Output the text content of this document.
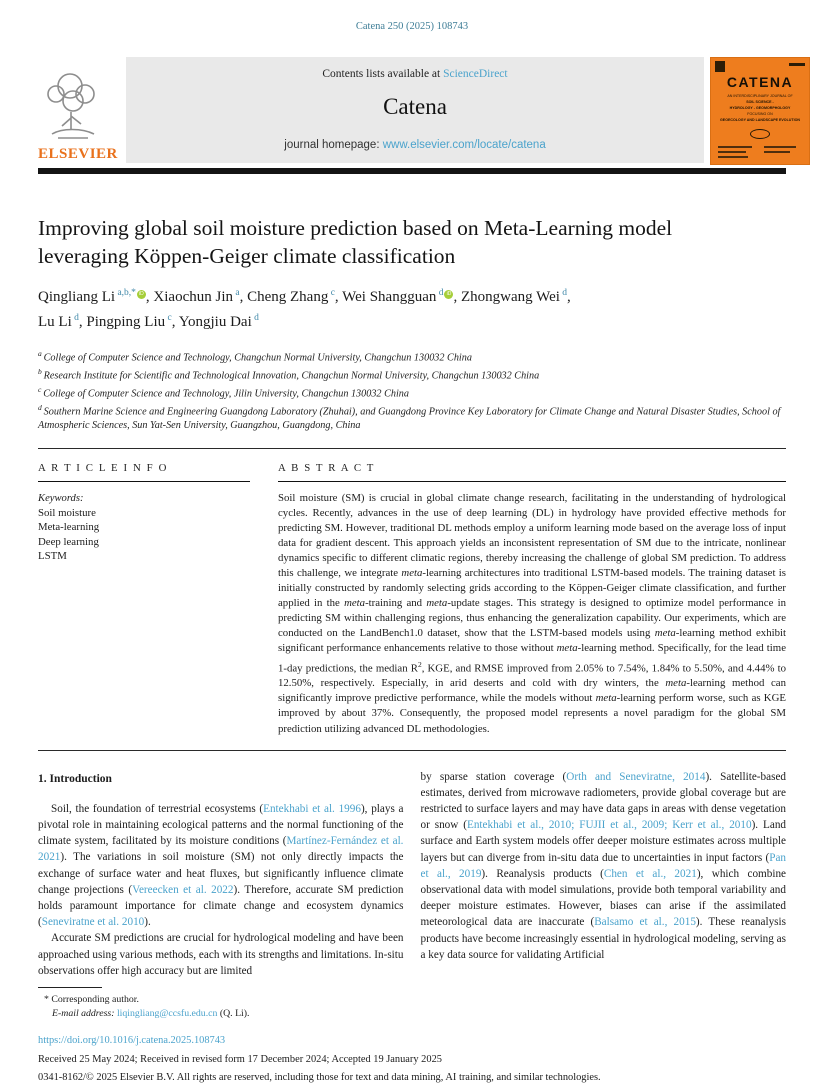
Catena 250 (2025) 108743
ELSEVIER
Contents lists available at ScienceDirect
Catena
journal homepage: www.elsevier.com/locate/catena
CATENA
AN INTERDISCIPLINARY JOURNAL OF
SOIL SCIENCE -
HYDROLOGY - GEOMORPHOLOGY
FOCUSING ON
GEOECOLOGY AND LANDSCAPE EVOLUTION
Improving global soil moisture prediction based on Meta-Learning model
leveraging Köppen-Geiger climate classification
Qingliang Li $^{a,b,*}$ iD , Xiaochun Jin $^a$, Cheng Zhang $^c$, Wei Shangguan $^d$ iD , Zhongwang Wei $^d$,
Lu Li $^d$, Pingping Liu $^c$, Yongjiu Dai $^d$
$^a$ College of Computer Science and Technology, Changchun Normal University, Changchun 130032 China
$^b$ Research Institute for Scientific and Technological Innovation, Changchun Normal University, Changchun 130032 China
$^c$ College of Computer Science and Technology, Jilin University, Changchun 130032 China
$^d$ Southern Marine Science and Engineering Guangdong Laboratory (Zhuhai), and Guangdong Province Key Laboratory for Climate Change and Natural Disaster Studies, School of Atmospheric Sciences, Sun Yat-Sen University, Guangzhou, Guangdong, China
A R T I C L E I N F O
Keywords:
Soil moisture
Meta-learning
Deep learning
LSTM
A B S T R A C T
Soil moisture (SM) is crucial in global climate change research, facilitating in the understanding of hydrological cycles. Recently, advances in the use of deep learning (DL) in hydrology have provided effective methods for predicting SM. However, traditional DL methods employ a uniform learning mode based on the average loss of input data for gradient descent. This approach yields an inconsistent representation of SM due to the intricate, nonlinear dynamics specific to different climatic regions, thereby increasing the challenge of global SM prediction. To address this challenge, we integrate meta-learning architectures into traditional LSTM-based models. The training dataset is initially constructed by randomly selecting grids according to the Köppen-Geiger climate classification, and further applied in the meta-training and meta-update stages. This strategy is designed to optimize model performance in predicting SM within challenging regions, thus enhancing the generalization capability. Our experiments, which are conducted on the LandBench1.0 dataset, show that the LSTM-based models using meta-learning method exhibit significant performance enhancements relative to those without meta-learning method. Specifically, for the lead time 1-day predictions, the median $R^2$, KGE, and RMSE improved from 2.05% to 7.54%, 1.84% to 5.50%, and 4.44% to 12.50%, respectively. Especially, in arid deserts and cold with dry winters, the meta-learning method can significantly improve predictive performance, while the models without meta-learning perform worse, such as KGE improved by about 37%. Consequently, the proposed model represents a novel paradigm for the global SM prediction utilizing advanced DL methodologies.
1. Introduction

Soil, the foundation of terrestrial ecosystems (Entekhabi et al. 1996), plays a pivotal role in maintaining ecological patterns and the normal functioning of the climate system, facilitated by its moisture conditions (Martínez-Fernández et al. 2021). The variations in soil moisture (SM) not only directly impacts the exchange of surface water and heat fluxes, but significantly influence climate change projections (Vereecken et al. 2022). Therefore, accurate SM prediction holds paramount importance for climate change and ecosystem dynamics (Seneviratne et al. 2010).

Accurate SM predictions are crucial for hydrological modeling and have been approached using various methods, each with its strengths and limitations. In-situ observations offer high accuracy but are limited

by sparse station coverage (Orth and Seneviratne, 2014). Satellite-based estimates, derived from microwave radiometers, provide global coverage but are restricted to surface layers and may have data gaps in areas with dense vegetation or snow (Entekhabi et al., 2010; FUJII et al., 2009; Kerr et al., 2010). Land surface and Earth system models offer deeper moisture estimates across multiple layers but can diverge from in-situ data due to uncertainties in input factors (Pan et al., 2019). Reanalysis products (Chen et al., 2021), which combine observational data with model simulations, provide both temporal variability and deeper moisture estimates. However, biases can arise if the assimilated meteorological data are inaccurate (Balsamo et al., 2015). These reanalysis products have become increasingly essential in hydrological modeling, serving as a key data source for validating Artificial

* Corresponding author.
E-mail address: liqingliang@ccsfu.edu.cn (Q. Li).
https://doi.org/10.1016/j.catena.2025.108743
Received 25 May 2024; Received in revised form 17 December 2024; Accepted 19 January 2025
0341-8162/© 2025 Elsevier B.V. All rights are reserved, including those for text and data mining, AI training, and similar technologies.
